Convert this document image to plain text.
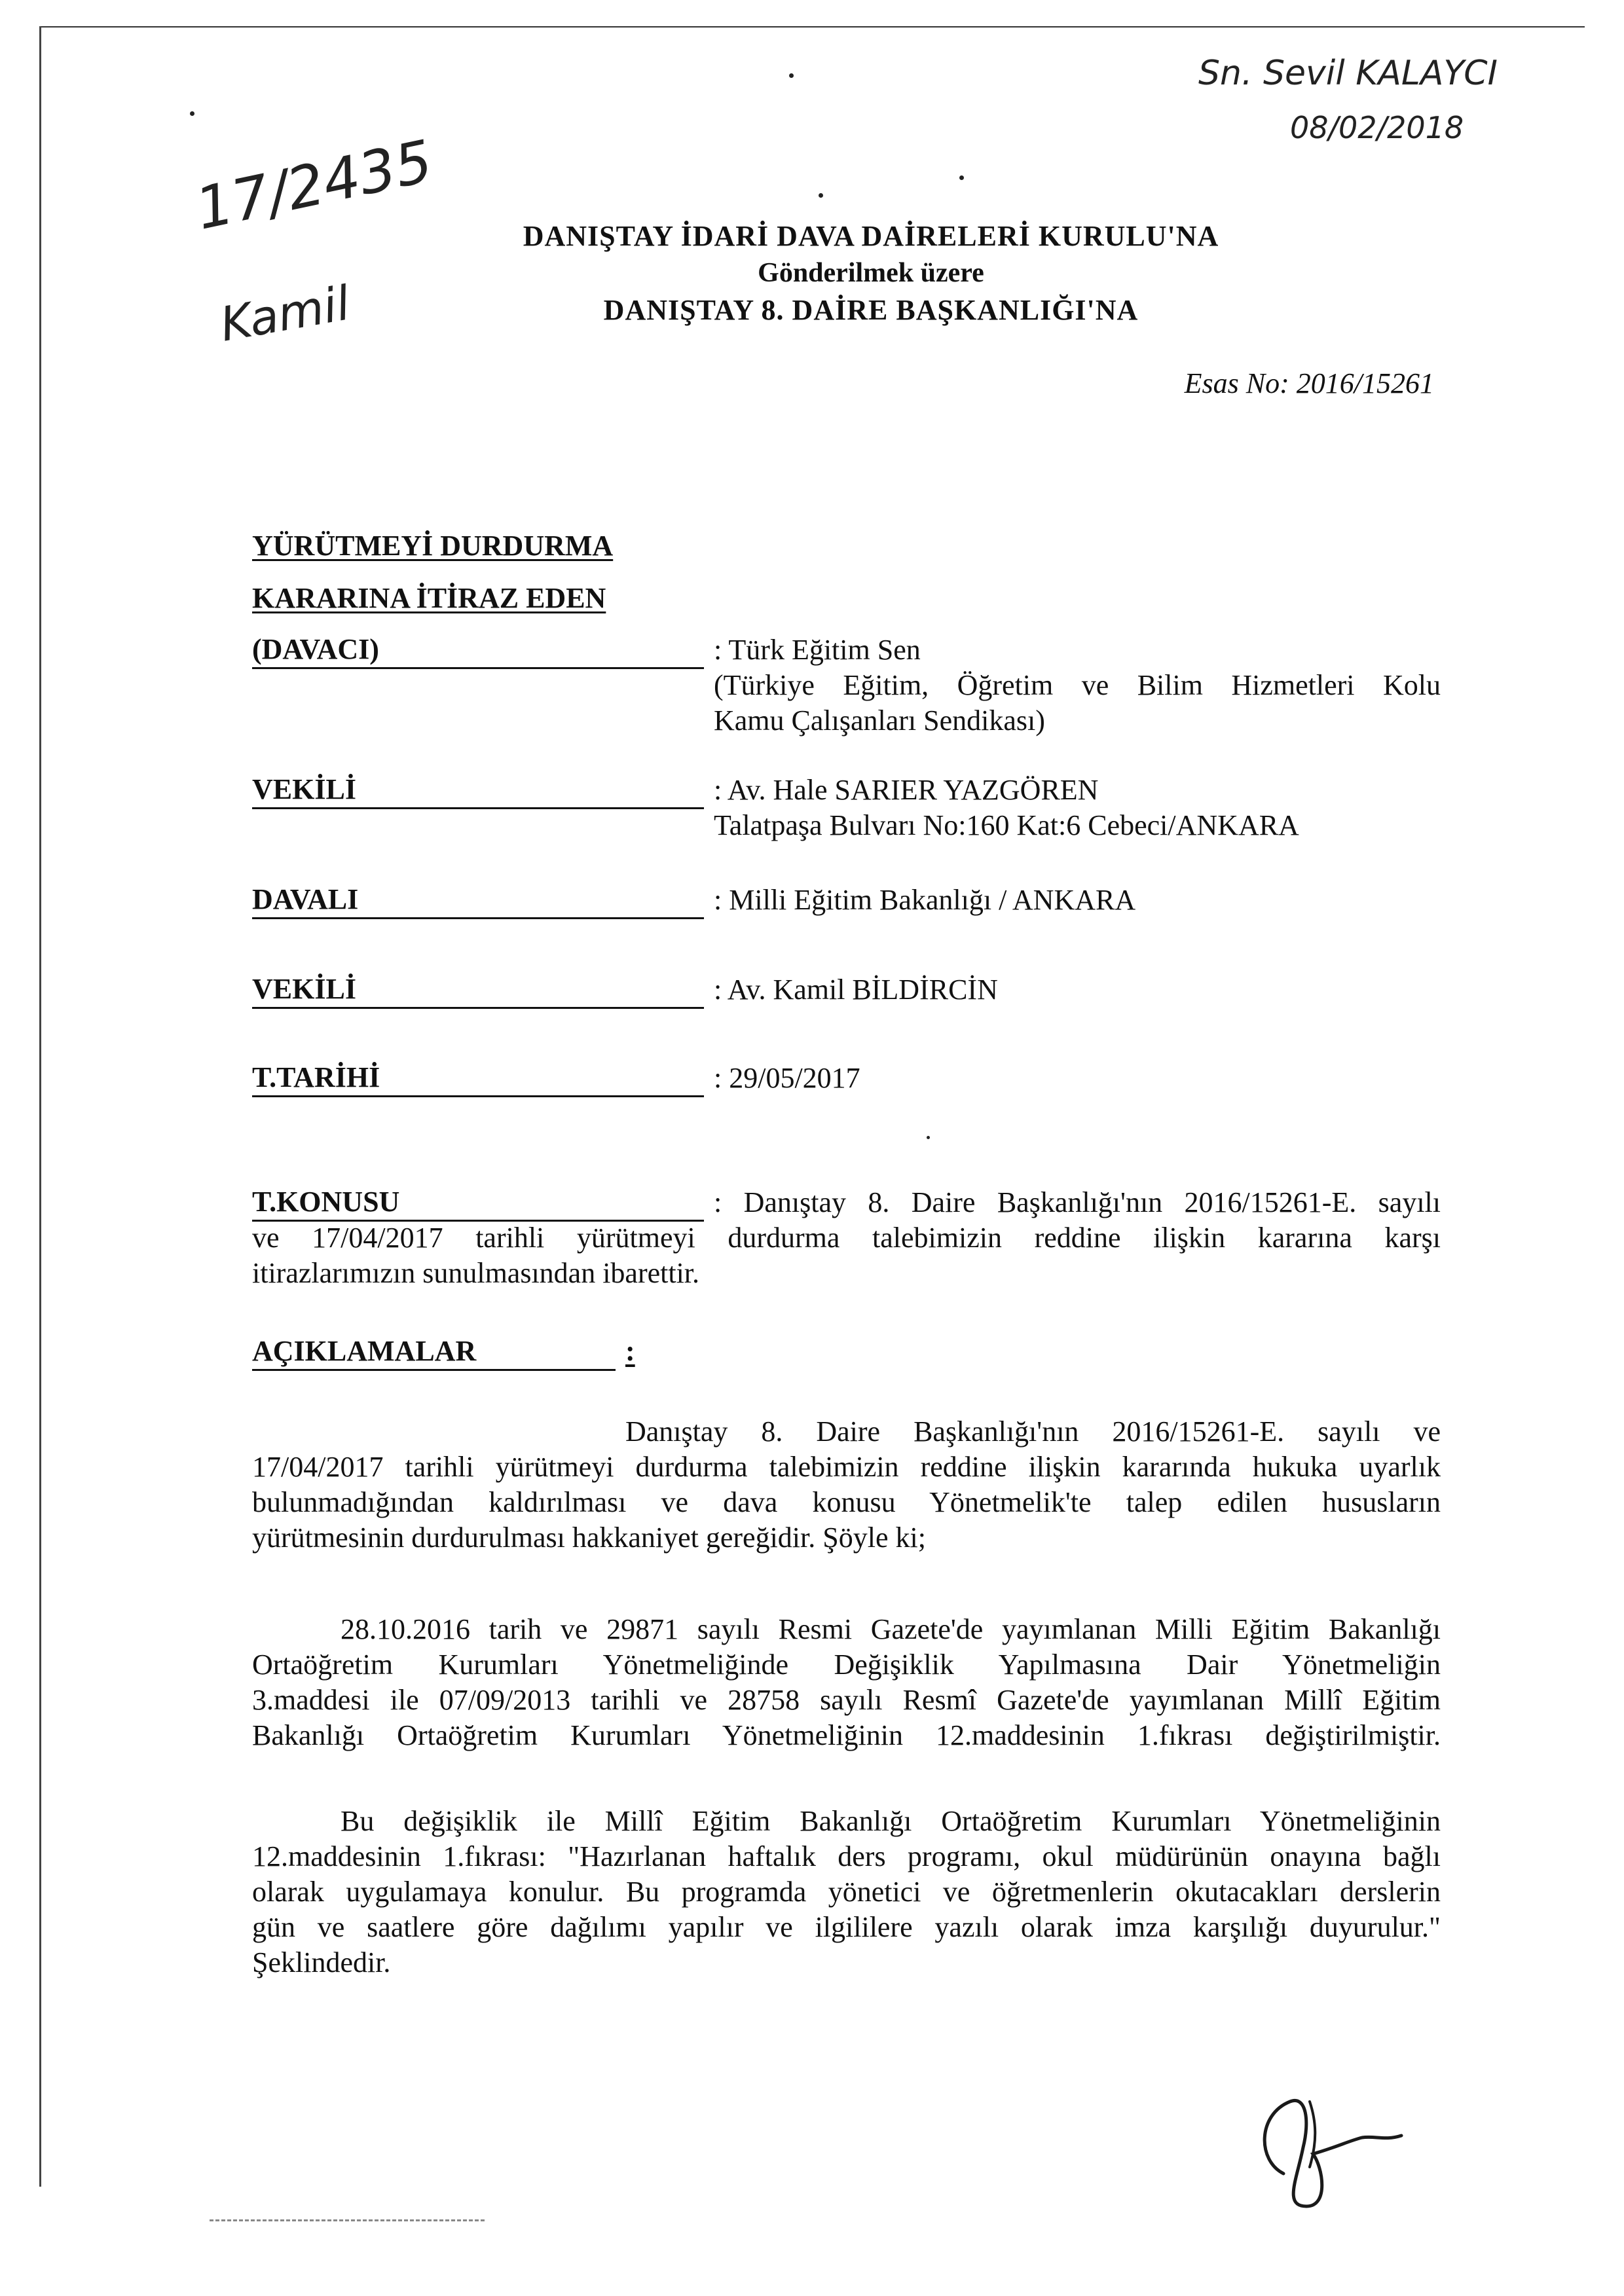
Sn. Sevil KALAYCI
08/02/2018
17/2435
Kamil
DANIŞTAY İDARİ DAVA DAİRELERİ KURULU'NA
Gönderilmek üzere
DANIŞTAY 8. DAİRE BAŞKANLIĞI'NA
Esas No: 2016/15261
YÜRÜTMEYİ DURDURMA
KARARINA İTİRAZ EDEN
(DAVACI)	: Türk Eğitim Sen
(Türkiye Eğitim, Öğretim ve Bilim Hizmetleri Kolu
Kamu Çalışanları Sendikası)
VEKİLİ	: Av. Hale SARIER YAZGÖREN
Talatpaşa Bulvarı No:160 Kat:6 Cebeci/ANKARA
DAVALI	: Milli Eğitim Bakanlığı / ANKARA
VEKİLİ	: Av. Kamil BİLDİRCİN
T.TARİHİ	: 29/05/2017
T.KONUSU	: Danıştay 8. Daire Başkanlığı'nın 2016/15261-E. sayılı
ve 17/04/2017 tarihli yürütmeyi durdurma talebimizin reddine ilişkin kararına karşı
itirazlarımızın sunulmasından ibarettir.
AÇIKLAMALAR	:
Danıştay 8. Daire Başkanlığı'nın 2016/15261-E. sayılı ve
17/04/2017 tarihli yürütmeyi durdurma talebimizin reddine ilişkin kararında hukuka uyarlık
bulunmadığından kaldırılması ve dava konusu Yönetmelik'te talep edilen hususların
yürütmesinin durdurulması hakkaniyet gereğidir. Şöyle ki;
28.10.2016 tarih ve 29871 sayılı Resmi Gazete'de yayımlanan Milli Eğitim Bakanlığı
Ortaöğretim Kurumları Yönetmeliğinde Değişiklik Yapılmasına Dair Yönetmeliğin
3.maddesi ile 07/09/2013 tarihli ve 28758 sayılı Resmî Gazete'de yayımlanan Millî Eğitim
Bakanlığı Ortaöğretim Kurumları Yönetmeliğinin 12.maddesinin 1.fıkrası değiştirilmiştir.
Bu değişiklik ile Millî Eğitim Bakanlığı Ortaöğretim Kurumları Yönetmeliğinin
12.maddesinin 1.fıkrası: "Hazırlanan haftalık ders programı, okul müdürünün onayına bağlı
olarak uygulamaya konulur. Bu programda yönetici ve öğretmenlerin okutacakları derslerin
gün ve saatlere göre dağılımı yapılır ve ilgililere yazılı olarak imza karşılığı duyurulur."
Şeklindedir.
